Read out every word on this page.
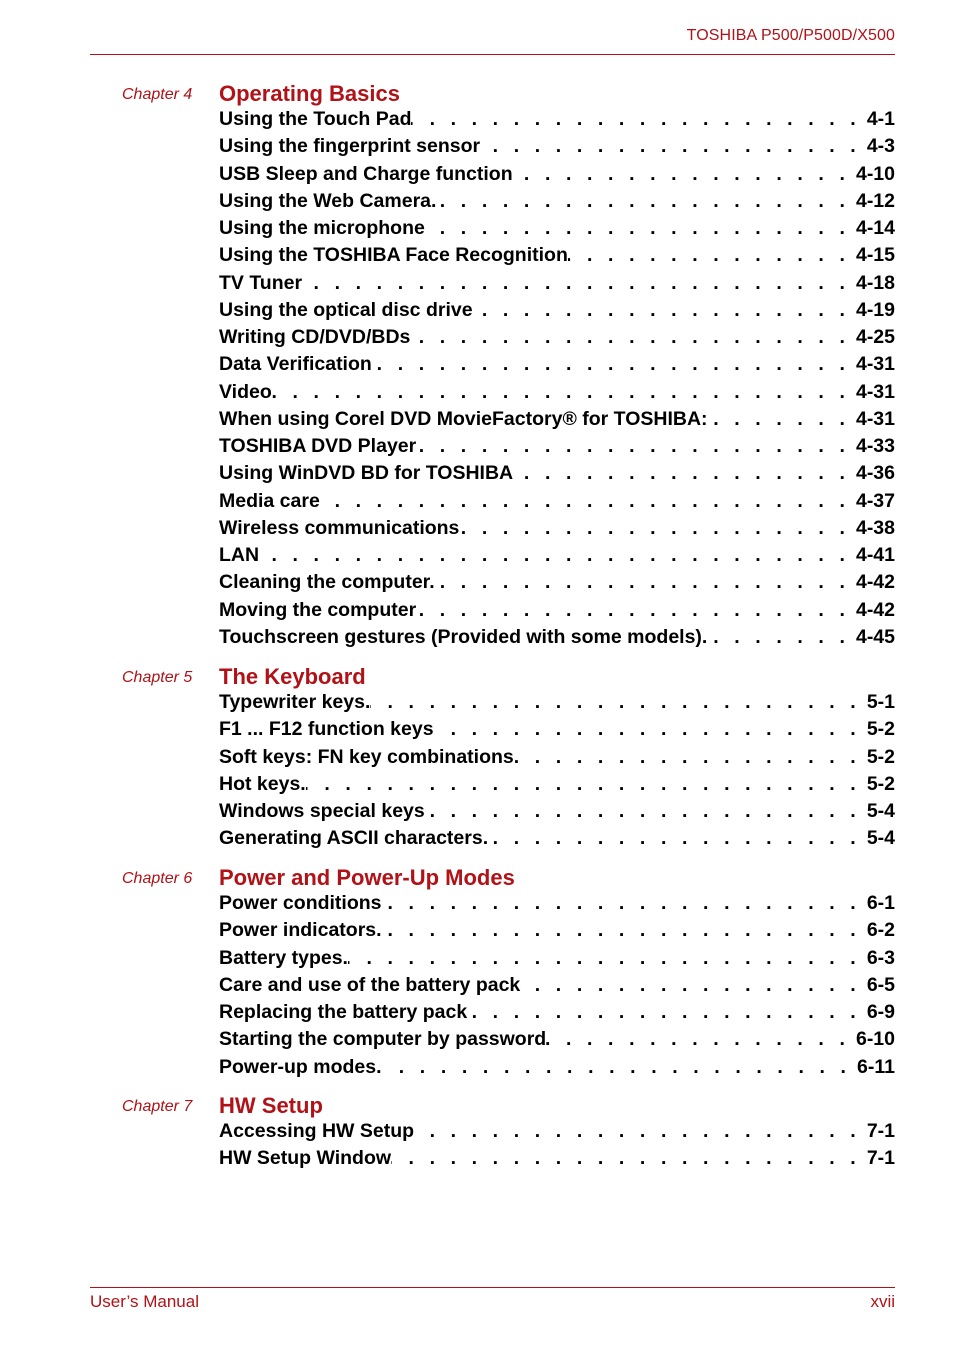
TOSHIBA P500/P500D/X500
Chapter 4 Operating Basics
Using the Touch Pad . . .	4-1
Using the fingerprint sensor . . .	4-3
USB Sleep and Charge function . . .	4-10
Using the Web Camera. . . .	4-12
Using the microphone . . .	4-14
Using the TOSHIBA Face Recognition . . .	4-15
TV Tuner . . .	4-18
Using the optical disc drive . . .	4-19
Writing CD/DVD/BDs . . .	4-25
Data Verification . . .	4-31
Video . . .	4-31
When using Corel DVD MovieFactory® for TOSHIBA: . . .	4-31
TOSHIBA DVD Player . . .	4-33
Using WinDVD BD for TOSHIBA . . .	4-36
Media care . . .	4-37
Wireless communications . . .	4-38
LAN . . .	4-41
Cleaning the computer. . . .	4-42
Moving the computer . . .	4-42
Touchscreen gestures (Provided with some models). . . .	4-45
Chapter 5 The Keyboard
Typewriter keys. . . .	5-1
F1 ... F12 function keys . . .	5-2
Soft keys: FN key combinations . . .	5-2
Hot keys. . . .	5-2
Windows special keys . . .	5-4
Generating ASCII characters. . . .	5-4
Chapter 6 Power and Power-Up Modes
Power conditions . . .	6-1
Power indicators. . . .	6-2
Battery types. . . .	6-3
Care and use of the battery pack . . .	6-5
Replacing the battery pack . . .	6-9
Starting the computer by password . . .	6-10
Power-up modes. . . .	6-11
Chapter 7 HW Setup
Accessing HW Setup . . .	7-1
HW Setup Window . . .	7-1
User’s Manual	xvii
